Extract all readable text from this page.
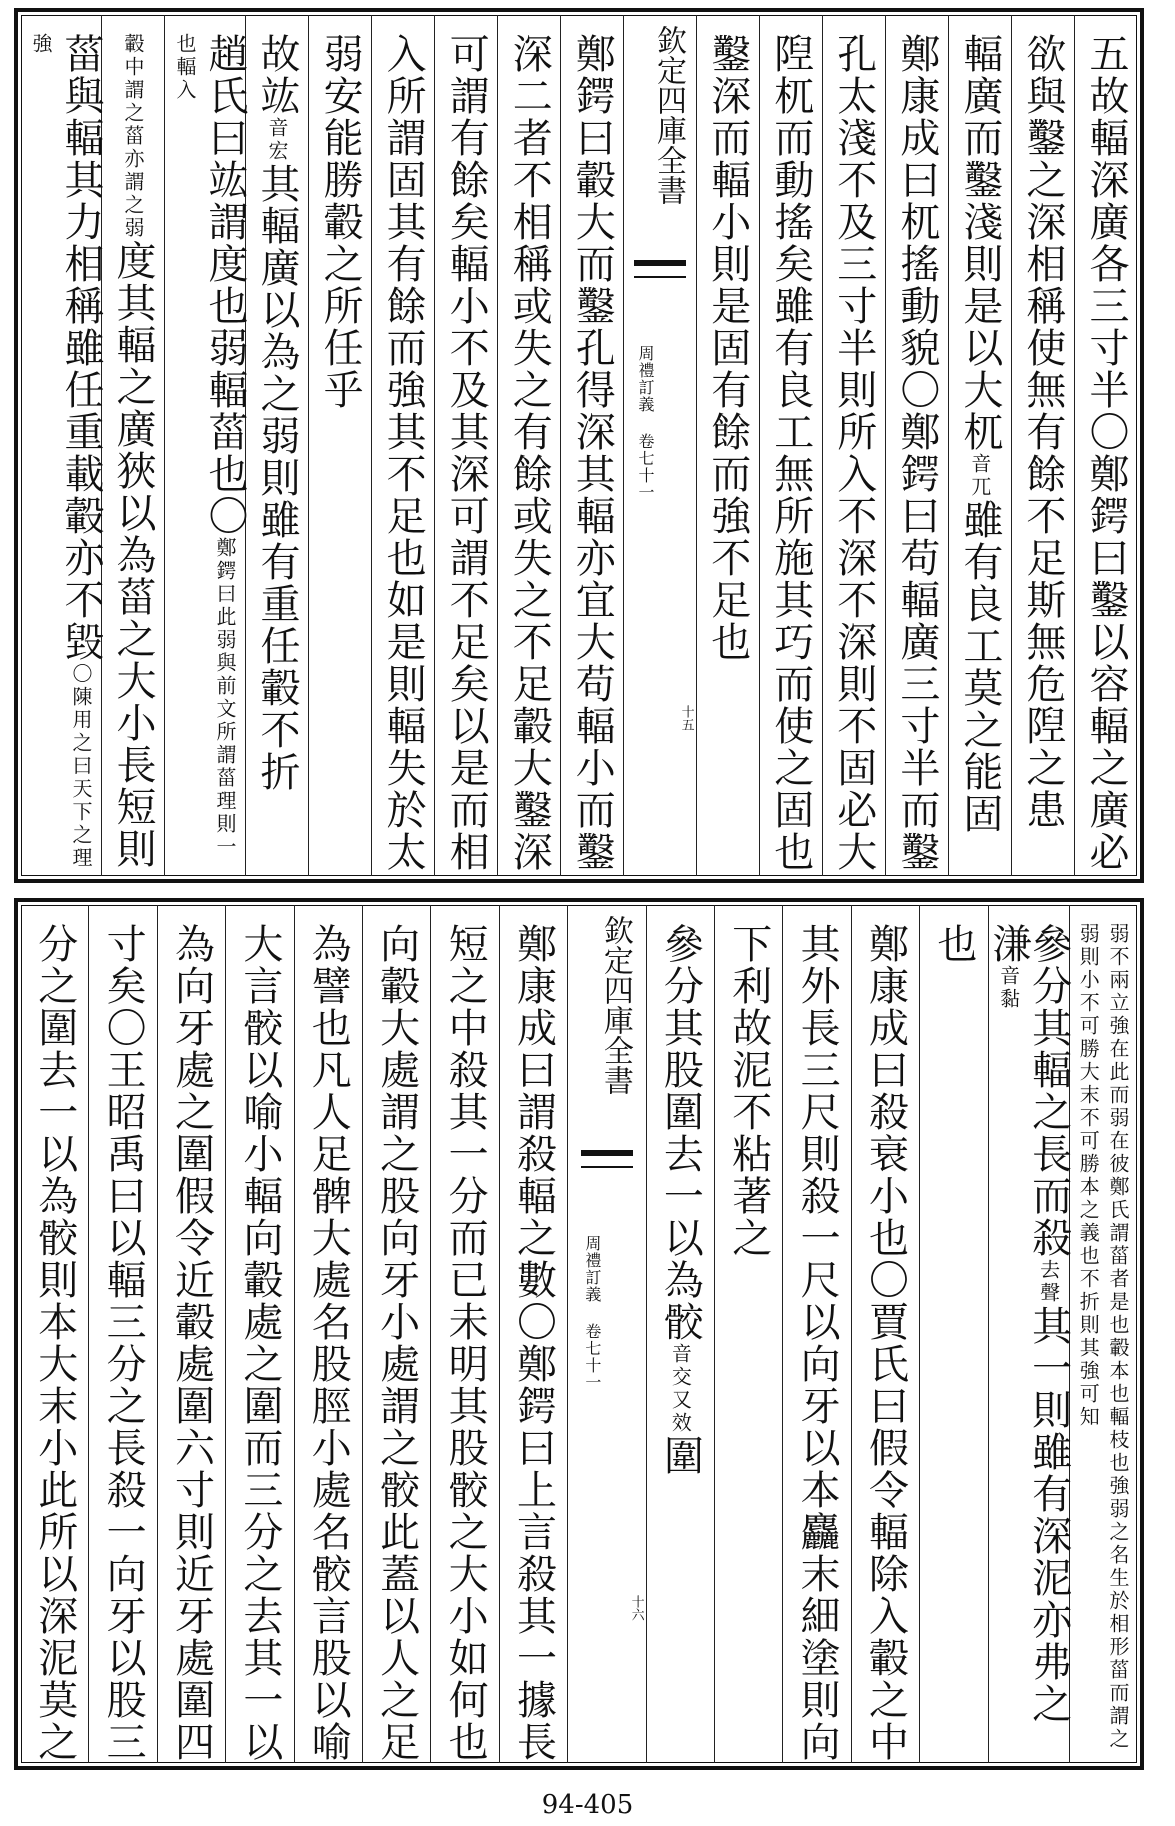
五故輻深廣各三寸半〇鄭鍔曰鑿以容輻之廣必
欲與鑿之深相稱使無有餘不足斯無危隉之患
輻廣而鑿淺則是以大杌音兀雖有良工莫之能固
鄭康成曰杌搖動貌〇鄭鍔曰苟輻廣三寸半而鑿
孔太淺不及三寸半則所入不深不深則不固必大
隉杌而動搖矣雖有良工無所施其巧而使之固也
鑿深而輻小則是固有餘而強不足也
欽定四庫全書
周禮訂義 卷七十一
十五
鄭鍔曰轂大而鑿孔得深其輻亦宜大苟輻小而鑿
深二者不相稱或失之有餘或失之不足轂大鑿深
可謂有餘矣輻小不及其深可謂不足矣以是而相
入所謂固其有餘而強其不足也如是則輻失於太
弱安能勝轂之所任乎
故竑音宏其輻廣以為之弱則雖有重任轂不折
趙氏曰竑謂度也弱輻菑也〇鄭鍔曰此弱與前文所謂菑理則一也輻入
轂中謂之菑亦謂之弱度其輻之廣狹以為菑之大小長短則
菑與輻其力相稱雖任重載轂亦不毀〇陳用之曰天下之理強
弱不兩立強在此而弱在彼鄭氏謂菑者是也轂本也輻枝也強弱之名生於相形菑而謂之弱則小不可勝大末不可勝本之義也不折則其強可知
參分其輻之長而殺去聲其一則雖有深泥亦弗之溓音黏
也
鄭康成曰殺衰小也〇賈氏曰假令輻除入轂之中
其外長三尺則殺一尺以向牙以本麤末細塗則向
下利故泥不粘著之
參分其股圍去一以為骹音交又效圍
欽定四庫全書
周禮訂義 卷七十一
十六
鄭康成曰謂殺輻之數〇鄭鍔曰上言殺其一據長
短之中殺其一分而已未明其股骹之大小如何也
向轂大處謂之股向牙小處謂之骹此蓋以人之足
為譬也凡人足髀大處名股脛小處名骹言股以喻
大言骹以喻小輻向轂處之圍而三分之去其一以
為向牙處之圍假令近轂處圍六寸則近牙處圍四
寸矣〇王昭禹曰以輻三分之長殺一向牙以股三
分之圍去一以為骹則本大末小此所以深泥莫之
94-405
